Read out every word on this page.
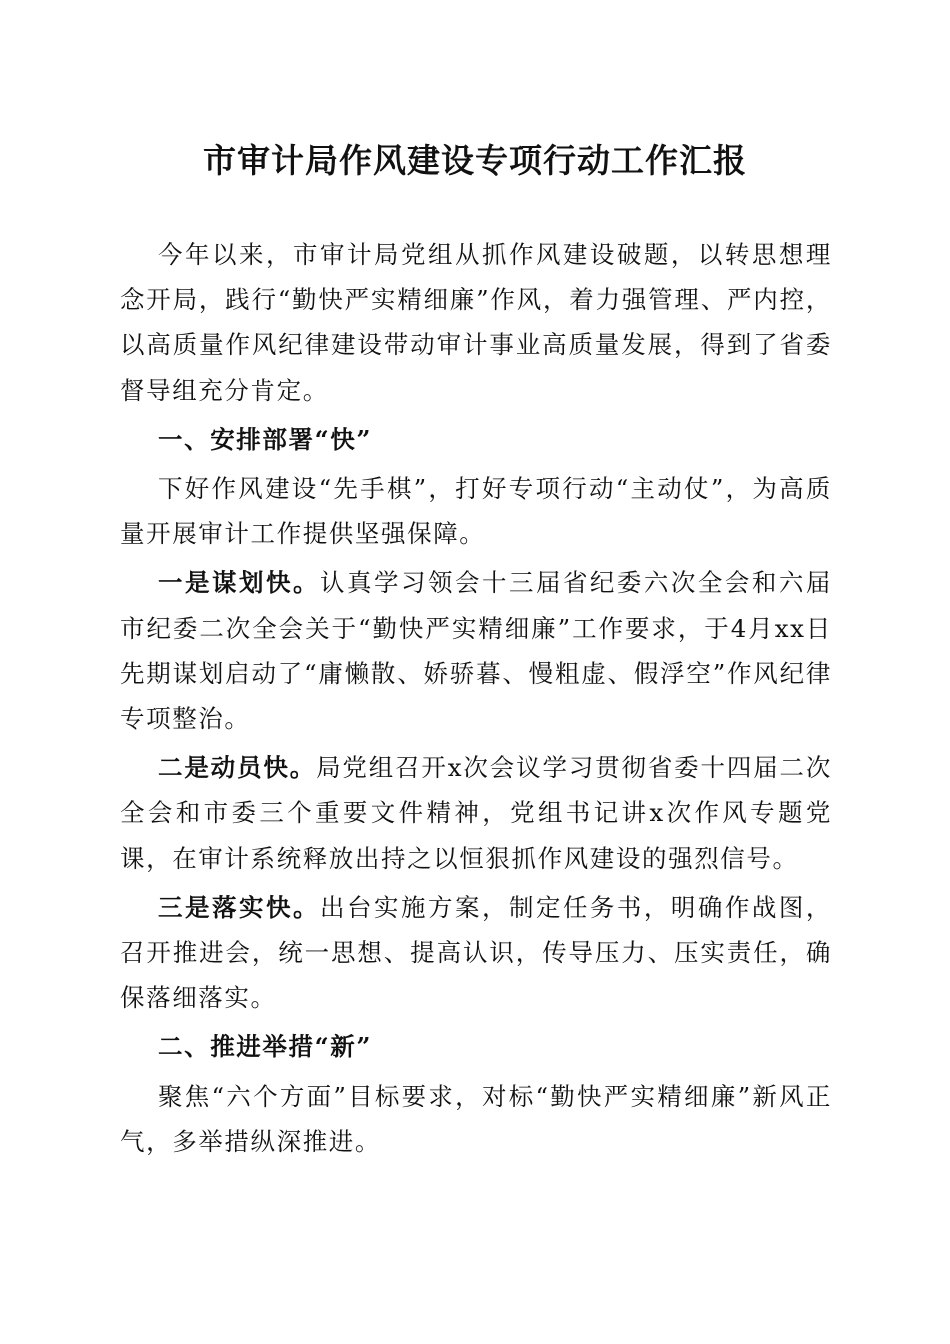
市审计局作风建设专项行动工作汇报

今年以来，市审计局党组从抓作风建设破题，以转思想理念开局，践行“勤快严实精细廉”作风，着力强管理、严内控，以高质量作风纪律建设带动审计事业高质量发展，得到了省委督导组充分肯定。

一、安排部署“快”

下好作风建设“先手棋”，打好专项行动“主动仗”，为高质量开展审计工作提供坚强保障。

一是谋划快。认真学习领会十三届省纪委六次全会和六届市纪委二次全会关于“勤快严实精细廉”工作要求，于4月xx日先期谋划启动了“庸懒散、娇骄暮、慢粗虚、假浮空”作风纪律专项整治。

二是动员快。局党组召开x次会议学习贯彻省委十四届二次全会和市委三个重要文件精神，党组书记讲x次作风专题党课，在审计系统释放出持之以恒狠抓作风建设的强烈信号。

三是落实快。出台实施方案，制定任务书，明确作战图，召开推进会，统一思想、提高认识，传导压力、压实责任，确保落细落实。

二、推进举措“新”

聚焦“六个方面”目标要求，对标“勤快严实精细廉”新风正气，多举措纵深推进。
